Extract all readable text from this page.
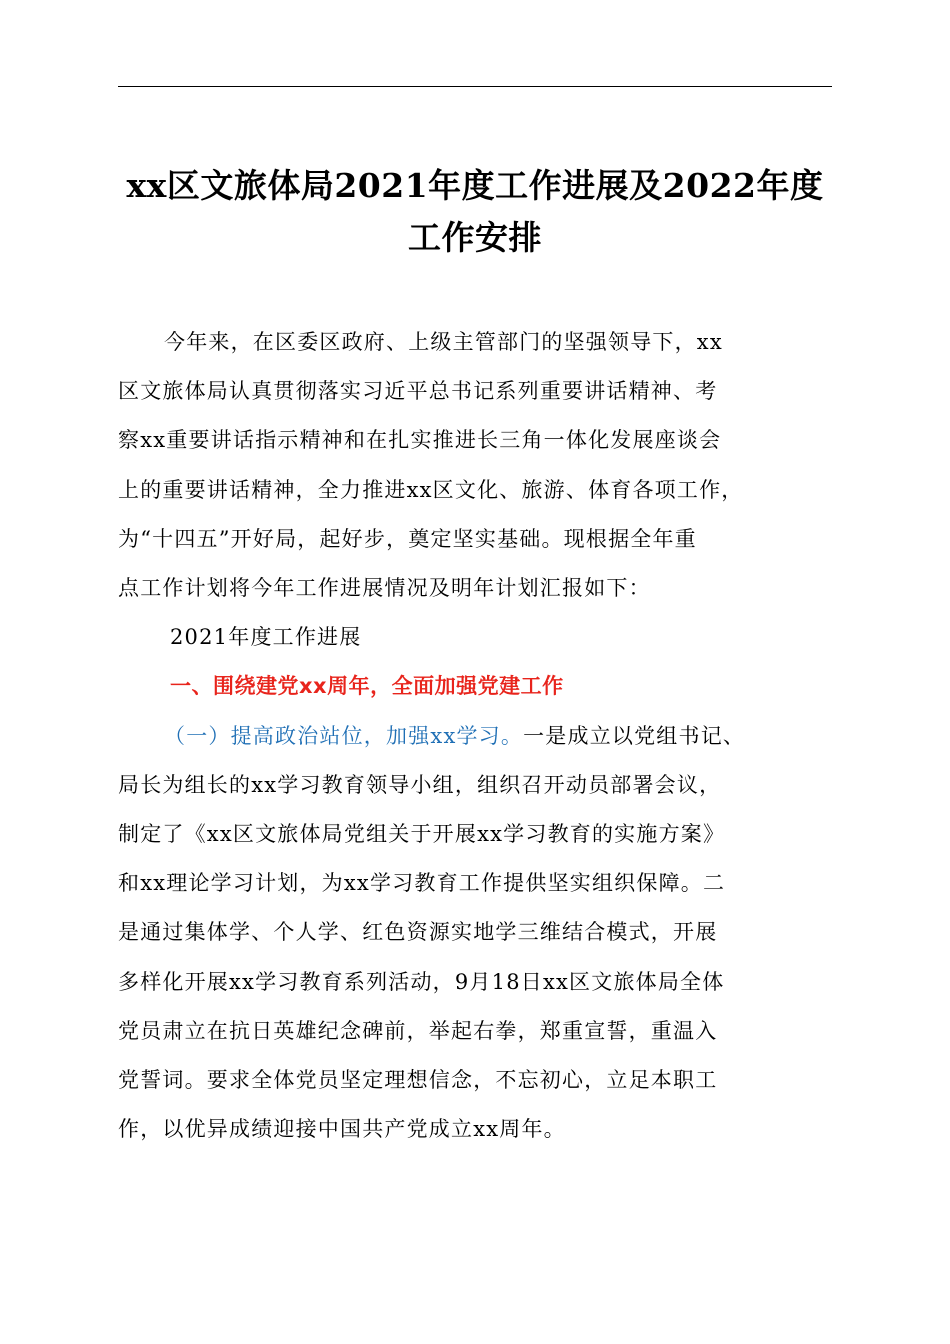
xx区文旅体局2021年度工作进展及2022年度
工作安排

今年来，在区委区政府、上级主管部门的坚强领导下，xx
区文旅体局认真贯彻落实习近平总书记系列重要讲话精神、考
察xx重要讲话指示精神和在扎实推进长三角一体化发展座谈会
上的重要讲话精神，全力推进xx区文化、旅游、体育各项工作，
为“十四五”开好局，起好步，奠定坚实基础。现根据全年重
点工作计划将今年工作进展情况及明年计划汇报如下：

2021年度工作进展

一、围绕建党xx周年，全面加强党建工作

（一）提高政治站位，加强xx学习。一是成立以党组书记、
局长为组长的xx学习教育领导小组，组织召开动员部署会议，
制定了《xx区文旅体局党组关于开展xx学习教育的实施方案》
和xx理论学习计划，为xx学习教育工作提供坚实组织保障。二
是通过集体学、个人学、红色资源实地学三维结合模式，开展
多样化开展xx学习教育系列活动，9月18日xx区文旅体局全体
党员肃立在抗日英雄纪念碑前，举起右拳，郑重宣誓，重温入
党誓词。要求全体党员坚定理想信念，不忘初心，立足本职工
作，以优异成绩迎接中国共产党成立xx周年。
